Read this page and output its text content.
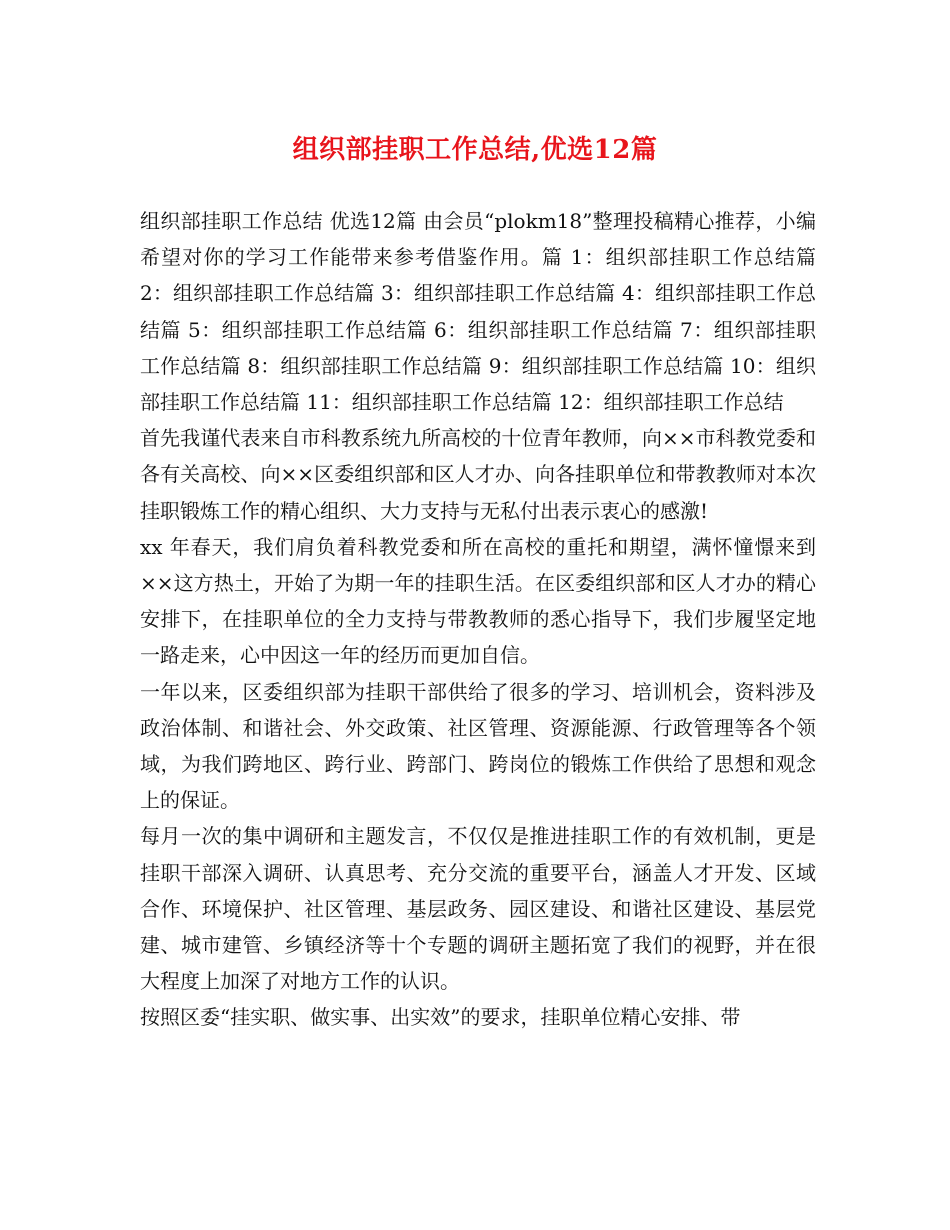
组织部挂职工作总结,优选12篇

组织部挂职工作总结 优选12篇 由会员“plokm18”整理投稿精心推荐，小编希望对你的学习工作能带来参考借鉴作用。篇 1：组织部挂职工作总结篇 2：组织部挂职工作总结篇 3：组织部挂职工作总结篇 4：组织部挂职工作总结篇 5：组织部挂职工作总结篇 6：组织部挂职工作总结篇 7：组织部挂职工作总结篇 8：组织部挂职工作总结篇 9：组织部挂职工作总结篇 10：组织部挂职工作总结篇 11：组织部挂职工作总结篇 12：组织部挂职工作总结

首先我谨代表来自市科教系统九所高校的十位青年教师，向××市科教党委和各有关高校、向××区委组织部和区人才办、向各挂职单位和带教教师对本次挂职锻炼工作的精心组织、大力支持与无私付出表示衷心的感激!

xx 年春天，我们肩负着科教党委和所在高校的重托和期望，满怀憧憬来到××这方热土，开始了为期一年的挂职生活。在区委组织部和区人才办的精心安排下，在挂职单位的全力支持与带教教师的悉心指导下，我们步履坚定地一路走来，心中因这一年的经历而更加自信。

一年以来，区委组织部为挂职干部供给了很多的学习、培训机会，资料涉及政治体制、和谐社会、外交政策、社区管理、资源能源、行政管理等各个领域，为我们跨地区、跨行业、跨部门、跨岗位的锻炼工作供给了思想和观念上的保证。

每月一次的集中调研和主题发言，不仅仅是推进挂职工作的有效机制，更是挂职干部深入调研、认真思考、充分交流的重要平台，涵盖人才开发、区域合作、环境保护、社区管理、基层政务、园区建设、和谐社区建设、基层党建、城市建管、乡镇经济等十个专题的调研主题拓宽了我们的视野，并在很大程度上加深了对地方工作的认识。

按照区委“挂实职、做实事、出实效”的要求，挂职单位精心安排、带
